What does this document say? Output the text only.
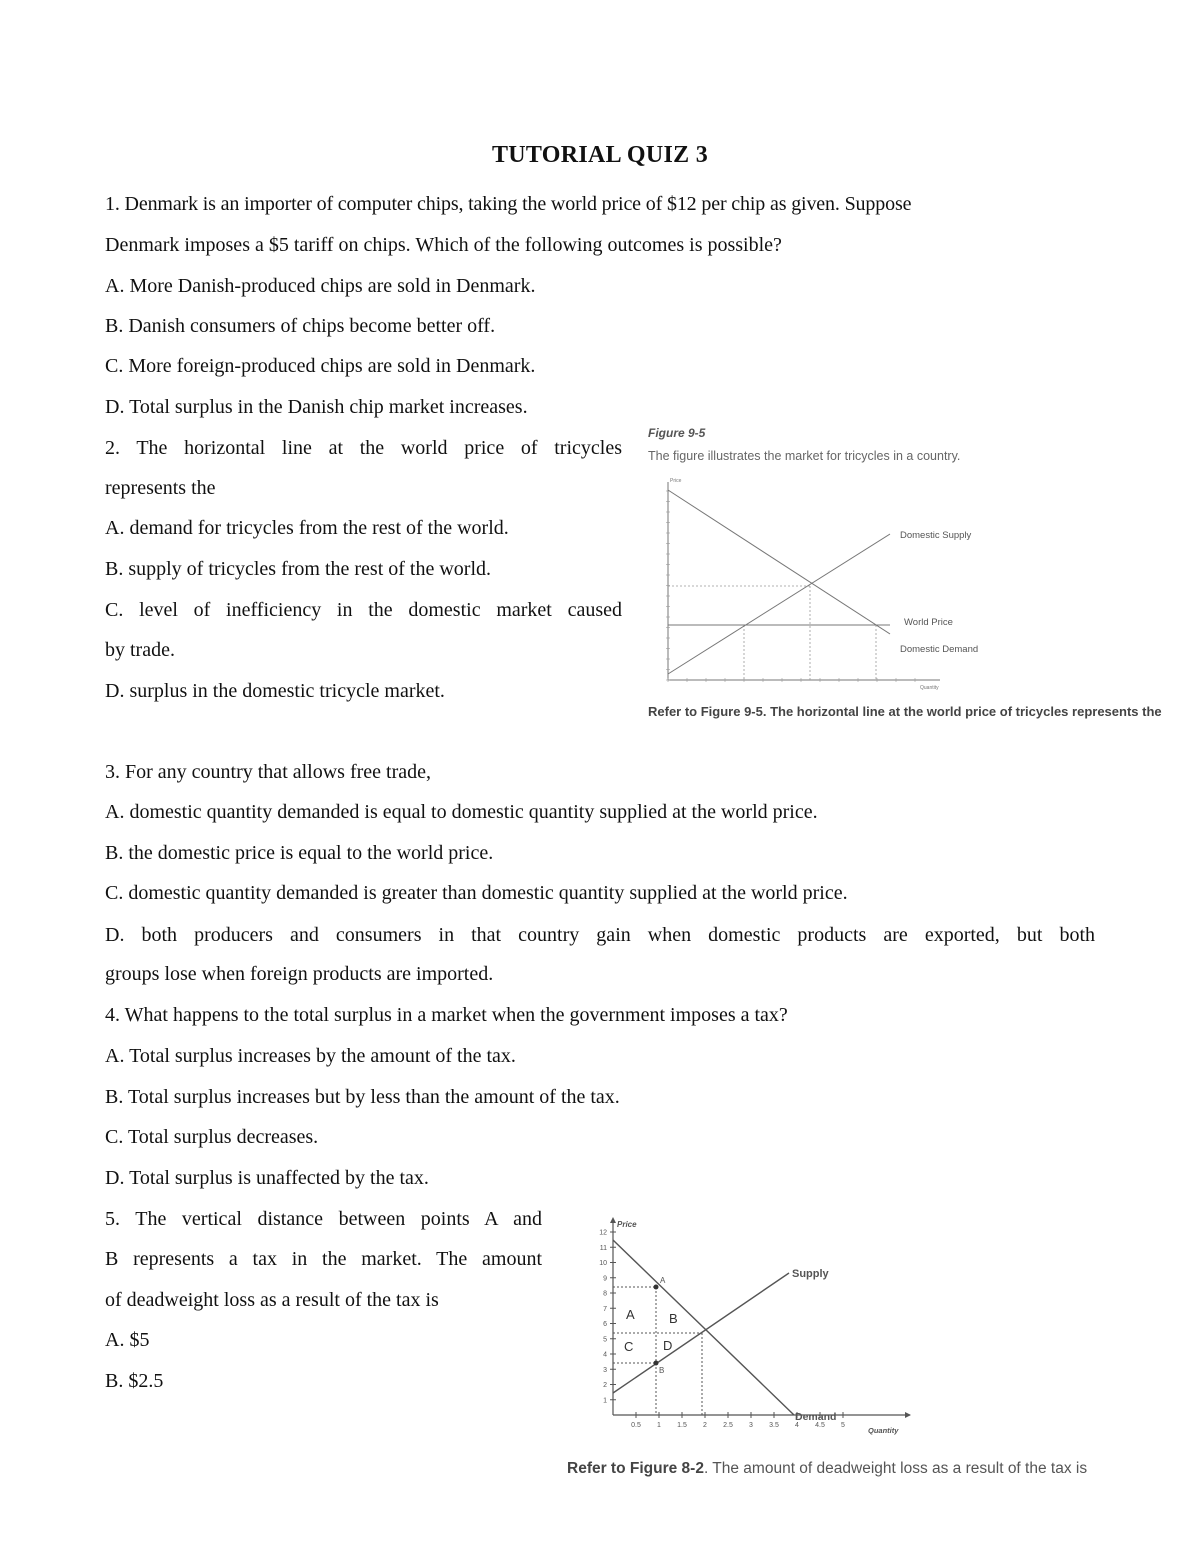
TUTORIAL QUIZ 3
1. Denmark is an importer of computer chips, taking the world price of $12 per chip as given. Suppose
Denmark imposes a $5 tariff on chips. Which of the following outcomes is possible?
A. More Danish-produced chips are sold in Denmark.
B. Danish consumers of chips become better off.
C. More foreign-produced chips are sold in Denmark.
D. Total surplus in the Danish chip market increases.
2. The horizontal line at the world price of tricycles
represents the
A. demand for tricycles from the rest of the world.
B. supply of tricycles from the rest of the world.
C. level of inefficiency in the domestic market caused
by trade.
D. surplus in the domestic tricycle market.
Figure 9-5
The figure illustrates the market for tricycles in a country.
Price
Quantity
Domestic Supply
World Price
Domestic Demand
Refer to Figure 9-5. The horizontal line at the world price of tricycles represents the
3. For any country that allows free trade,
A. domestic quantity demanded is equal to domestic quantity supplied at the world price.
B. the domestic price is equal to the world price.
C. domestic quantity demanded is greater than domestic quantity supplied at the world price.
D. both producers and consumers in that country gain when domestic products are exported, but both
groups lose when foreign products are imported.
4. What happens to the total surplus in a market when the government imposes a tax?
A. Total surplus increases by the amount of the tax.
B. Total surplus increases but by less than the amount of the tax.
C. Total surplus decreases.
D. Total surplus is unaffected by the tax.
5. The vertical distance between points A and
B represents a tax in the market. The amount
of deadweight loss as a result of the tax is
A. $5
B. $2.5
Price
Quantity
1
2
3
4
5
6
7
8
9
10
11
12
0.5 1 1.5 2 2.5 3 3.5 4 4.5 5
A
B
A	B
C D
Supply
Demand
Refer to Figure 8-2. The amount of deadweight loss as a result of the tax is
